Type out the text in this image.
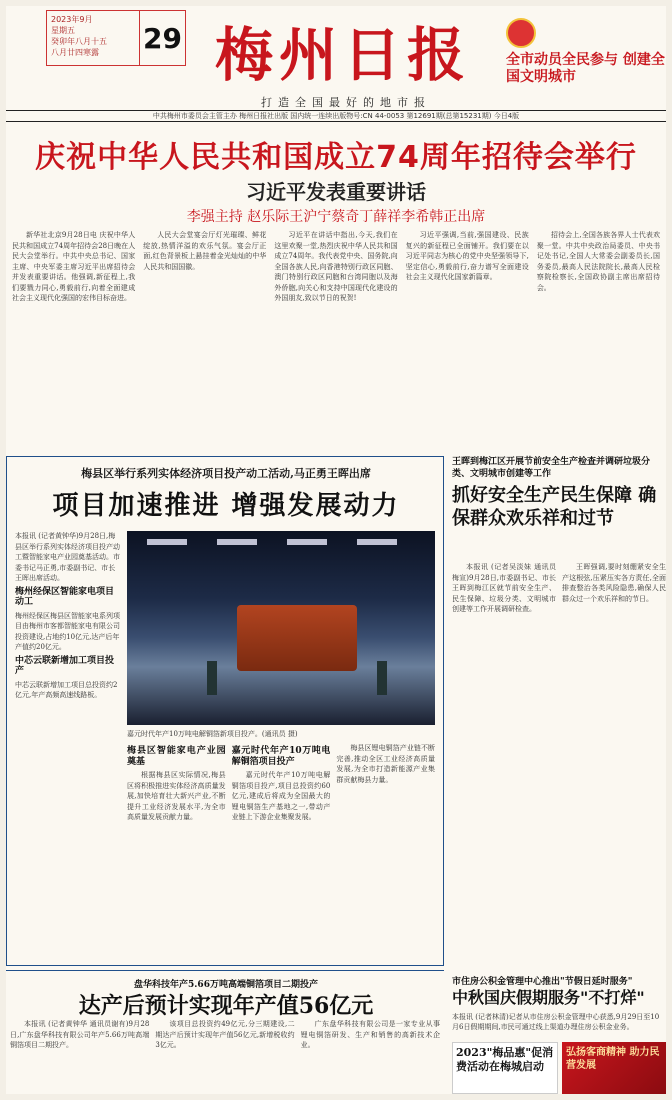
2023年9月
星期五
癸卯年八月十五
八月廿四寒露	29 梅州日报
打造全国最好的地市报
全市动员全民参与 创建全国文明城市
中共梅州市委员会主管主办 梅州日报社出版 国内统一连续出版物号:CN 44-0053 第12691期(总第15231期) 今日4版
庆祝中华人民共和国成立74周年招待会举行
习近平发表重要讲话
李强主持 赵乐际王沪宁蔡奇丁薛祥李希韩正出席

新华社北京9月28日电 庆祝中华人民共和国成立74周年招待会28日晚在人民大会堂举行。中共中央总书记、国家主席、中央军委主席习近平出席招待会并发表重要讲话。他强调,新征程上,我们要戮力同心,勇毅前行,向着全面建成社会主义现代化强国的宏伟目标奋进。

人民大会堂宴会厅灯光璀璨、鲜花绽放,热情洋溢的欢乐气氛。宴会厅正面,红色背景板上悬挂着金光灿灿的中华人民共和国国徽。

习近平在讲话中指出,今天,我们在这里欢聚一堂,热烈庆祝中华人民共和国成立74周年。我代表党中央、国务院,向全国各族人民,向香港特别行政区同胞、澳门特别行政区同胞和台湾同胞以及海外侨胞,向关心和支持中国现代化建设的外国朋友,致以节日的祝贺!

习近平强调,当前,强国建设、民族复兴的新征程已全面铺开。我们要在以习近平同志为核心的党中央坚强领导下,坚定信心,勇毅前行,奋力谱写全面建设社会主义现代化国家新篇章。

招待会上,全国各族各界人士代表欢聚一堂。中共中央政治局委员、中央书记处书记,全国人大常委会副委员长,国务委员,最高人民法院院长,最高人民检察院检察长,全国政协副主席出席招待会。

梅县区举行系列实体经济项目投产动工活动,马正勇王晖出席
项目加速推进 增强发展动力

本报讯 (记者黄钟华)9月28日,梅县区举行系列实体经济项目投产动工暨智能家电产业园奠基活动。市委书记马正勇,市委副书记、市长王晖出席活动。

梅州经保区智能家电项目动工

梅州经保区梅县区智能家电系列项目由梅州市客都智能家电有限公司投资建设,占地约10亿元,达产后年产值约20亿元。

中芯云联新增加工项目投产

中芯云联新增加工项目总投资约2亿元,年产高频高速线路板。

嘉元时代年产10万吨电解铜箔新项目投产。(通讯员 摄)
梅县区智能家电产业园奠基

根据梅县区实际情况,梅县区将积极推进实体经济高质量发展,加快培育壮大新兴产业,不断提升工业经济发展水平,为全市高质量发展贡献力量。

嘉元时代年产10万吨电解铜箔项目投产

嘉元时代年产10万吨电解铜箔项目投产,项目总投资约60亿元,建成后将成为全国最大的锂电铜箔生产基地之一,带动产业链上下游企业集聚发展。

梅县区锂电铜箔产业链不断完善,推动全区工业经济高质量发展,为全市打造新能源产业集群贡献梅县力量。

王晖到梅江区开展节前安全生产检查并调研垃圾分类、文明城市创建等工作
抓好安全生产民生保障 确保群众欢乐祥和过节

本报讯 (记者吴淡妹 通讯员梅宣)9月28日,市委副书记、市长王晖到梅江区就节前安全生产、民生保障、垃圾分类、文明城市创建等工作开展调研检查。

王晖强调,要时刻绷紧安全生产这根弦,压紧压实各方责任,全面排查整治各类风险隐患,确保人民群众过一个欢乐祥和的节日。

市住房公积金管理中心推出"节假日延时服务"
中秋国庆假期服务"不打烊"
本报讯 (记者林清)记者从市住房公积金管理中心获悉,9月29日至10月6日假期期间,市民可通过线上渠道办理住房公积金业务。
盘华科技年产5.66万吨高端铜箔项目二期投产
达产后预计实现年产值56亿元

本报讯 (记者黄钟华 通讯员谢有)9月28日,广东盘华科技有限公司年产5.66万吨高端铜箔项目二期投产。

该项目总投资约49亿元,分三期建设,二期达产后预计实现年产值56亿元,新增税收约3亿元。

广东盘华科技有限公司是一家专业从事锂电铜箔研发、生产和销售的高新技术企业。

2023"梅品惠"促消费活动在梅城启动
弘扬客商精神 助力民营发展
